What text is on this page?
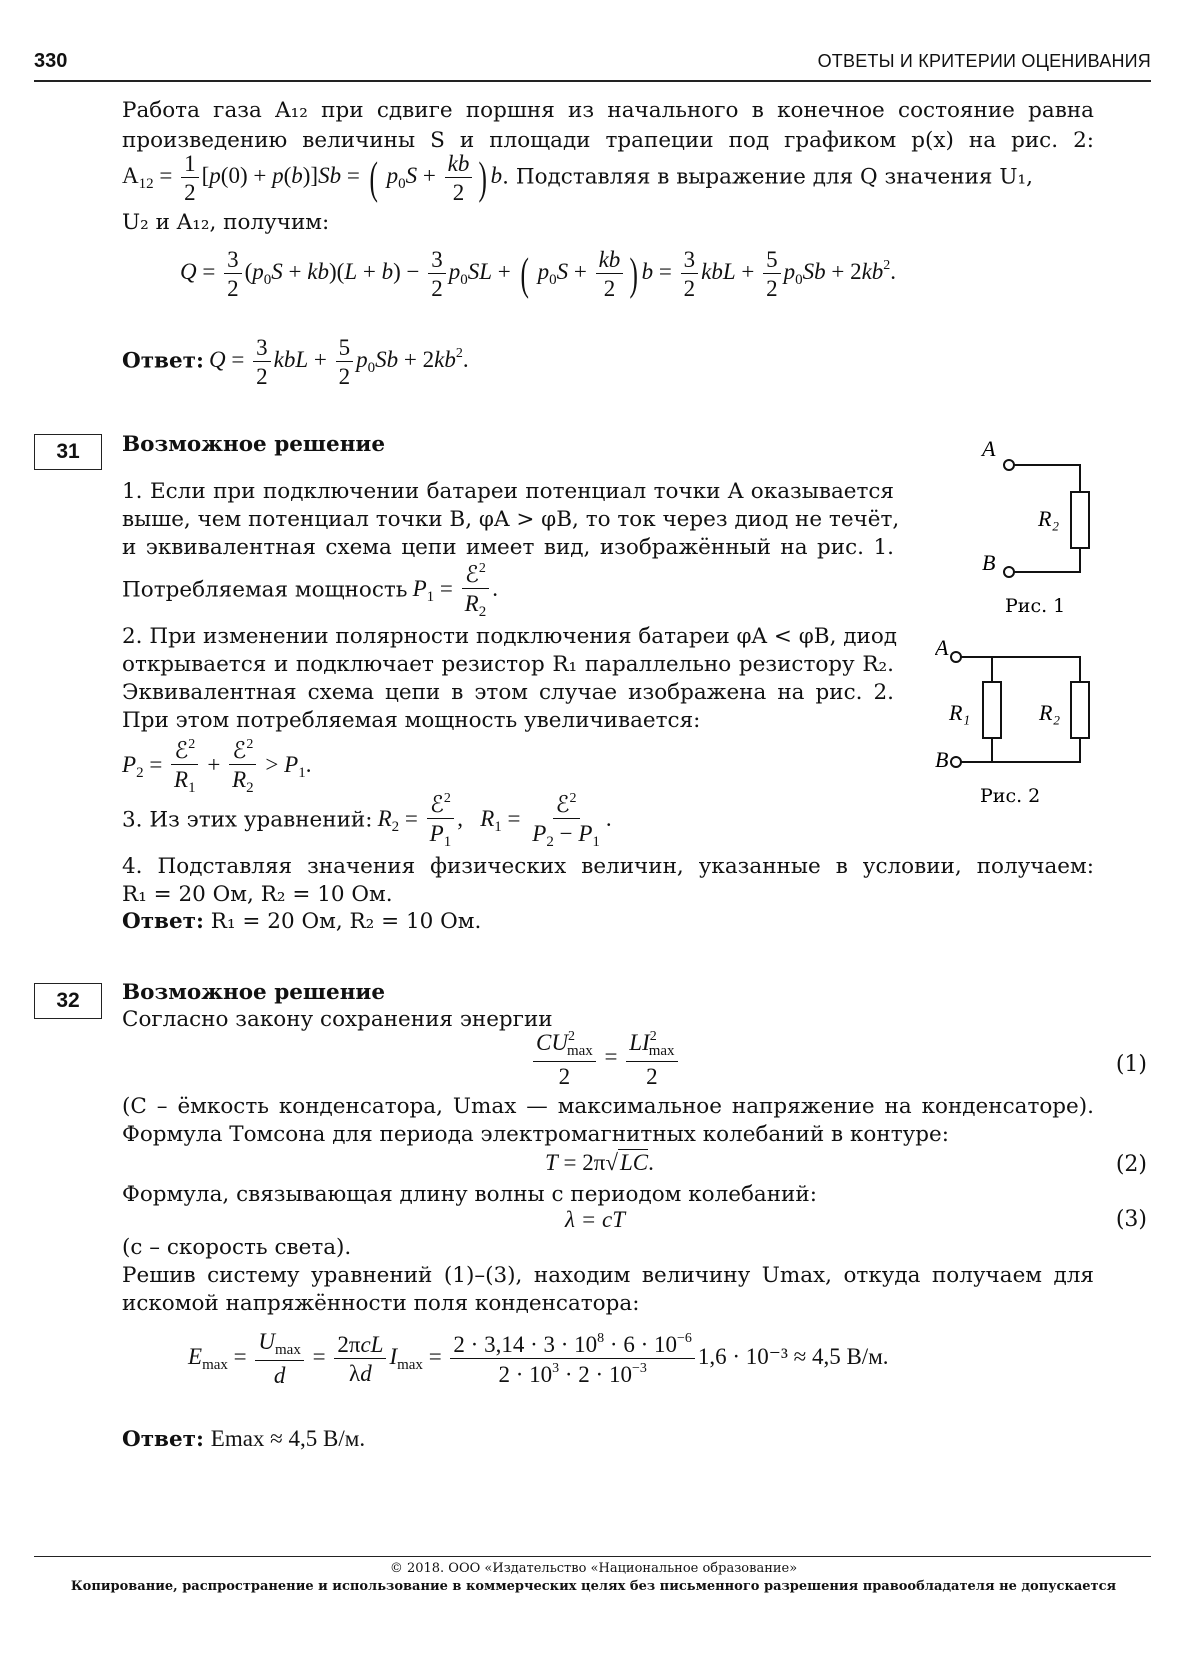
330	ОТВЕТЫ И КРИТЕРИИ ОЦЕНИВАНИЯ
Работа газа A₁₂ при сдвиге поршня из начального в конечное состояние равна
произведению величины S и площади трапеции под графиком p(x) на рис. 2:
$A_{12} = \frac{1}{2} [p(0) + p(b)]Sb$ = ( $p_0S + \frac{kb}{2}$ ) b. Подставляя в выражение для Q значения U₁,
U₂ и A₁₂, получим:
$Q = \frac{3}{2} (p_0S + kb)(L + b) - \frac{3}{2} p_0SL$ + ( $p_0S + \frac{kb}{2}$ ) $b = \frac{3}{2}$ kbL + $\frac{5}{2} p_0Sb + 2kb^2$.
Ответ: $Q = \frac{3}{2}$ kbL + $\frac{5}{2} p_0Sb + 2kb^2$.
31	Возможное решение
1. Если при подключении батареи потенциал точки A оказывается
выше, чем потенциал точки B, φA > φB, то ток через диод не течёт,
и эквивалентная схема цепи имеет вид, изображённый на рис. 1.
Потребляемая мощность $P_1 = \frac{ℰ^2}{R_2}$ .
2. При изменении полярности подключения батареи φA < φB, диод
открывается и подключает резистор R₁ параллельно резистору R₂.
Эквивалентная схема цепи в этом случае изображена на рис. 2.
При этом потребляемая мощность увеличивается:
$P_2 = \frac{ℰ^2}{R_1} + \frac{ℰ^2}{R_2} > P_1$.
3. Из этих уравнений: $R_2 = \frac{ℰ^2}{P_1}$ ,   $R_1 = \frac{ℰ^2}{P_2 - P_1}$ .
4. Подставляя значения физических величин, указанные в условии, получаем:
R₁ = 20 Ом, R₂ = 10 Ом.
Ответ: R₁ = 20 Ом, R₂ = 10 Ом.
A
B
R₂
Рис. 1
A
B
R₁	R₂
Рис. 2
32	Возможное решение
Согласно закону сохранения энергии
$\frac{CU^2_{max}}{2} = \frac{LI^2_{max}}{2}$	(1)
(C – ёмкость конденсатора, Umax — максимальное напряжение на конденсаторе).
Формула Томсона для периода электромагнитных колебаний в контуре:
T = 2π√LC.	(2)
Формула, связывающая длину волны с периодом колебаний:
λ = cT	(3)
(c – скорость света).
Решив систему уравнений (1)–(3), находим величину Umax, откуда получаем для
искомой напряжённости поля конденсатора:
$E_{max} = \frac{U_{max}}{d} = \frac{\text{2πcL}}{\lambda d} I_{max} = \frac{2 \cdot 3,14 \cdot 3 \cdot 10^8 \cdot 6 \cdot 10^{-6}}{2 \cdot 10^3 \cdot 2 \cdot 10^{-3}} 1,6 \cdot 10^{-3} \approx 4,5$ В/м.
Ответ: Emax ≈ 4,5 В/м.
© 2018. ООО «Издательство «Национальное образование»
Копирование, распространение и использование в коммерческих целях без письменного разрешения правообладателя не допускается
